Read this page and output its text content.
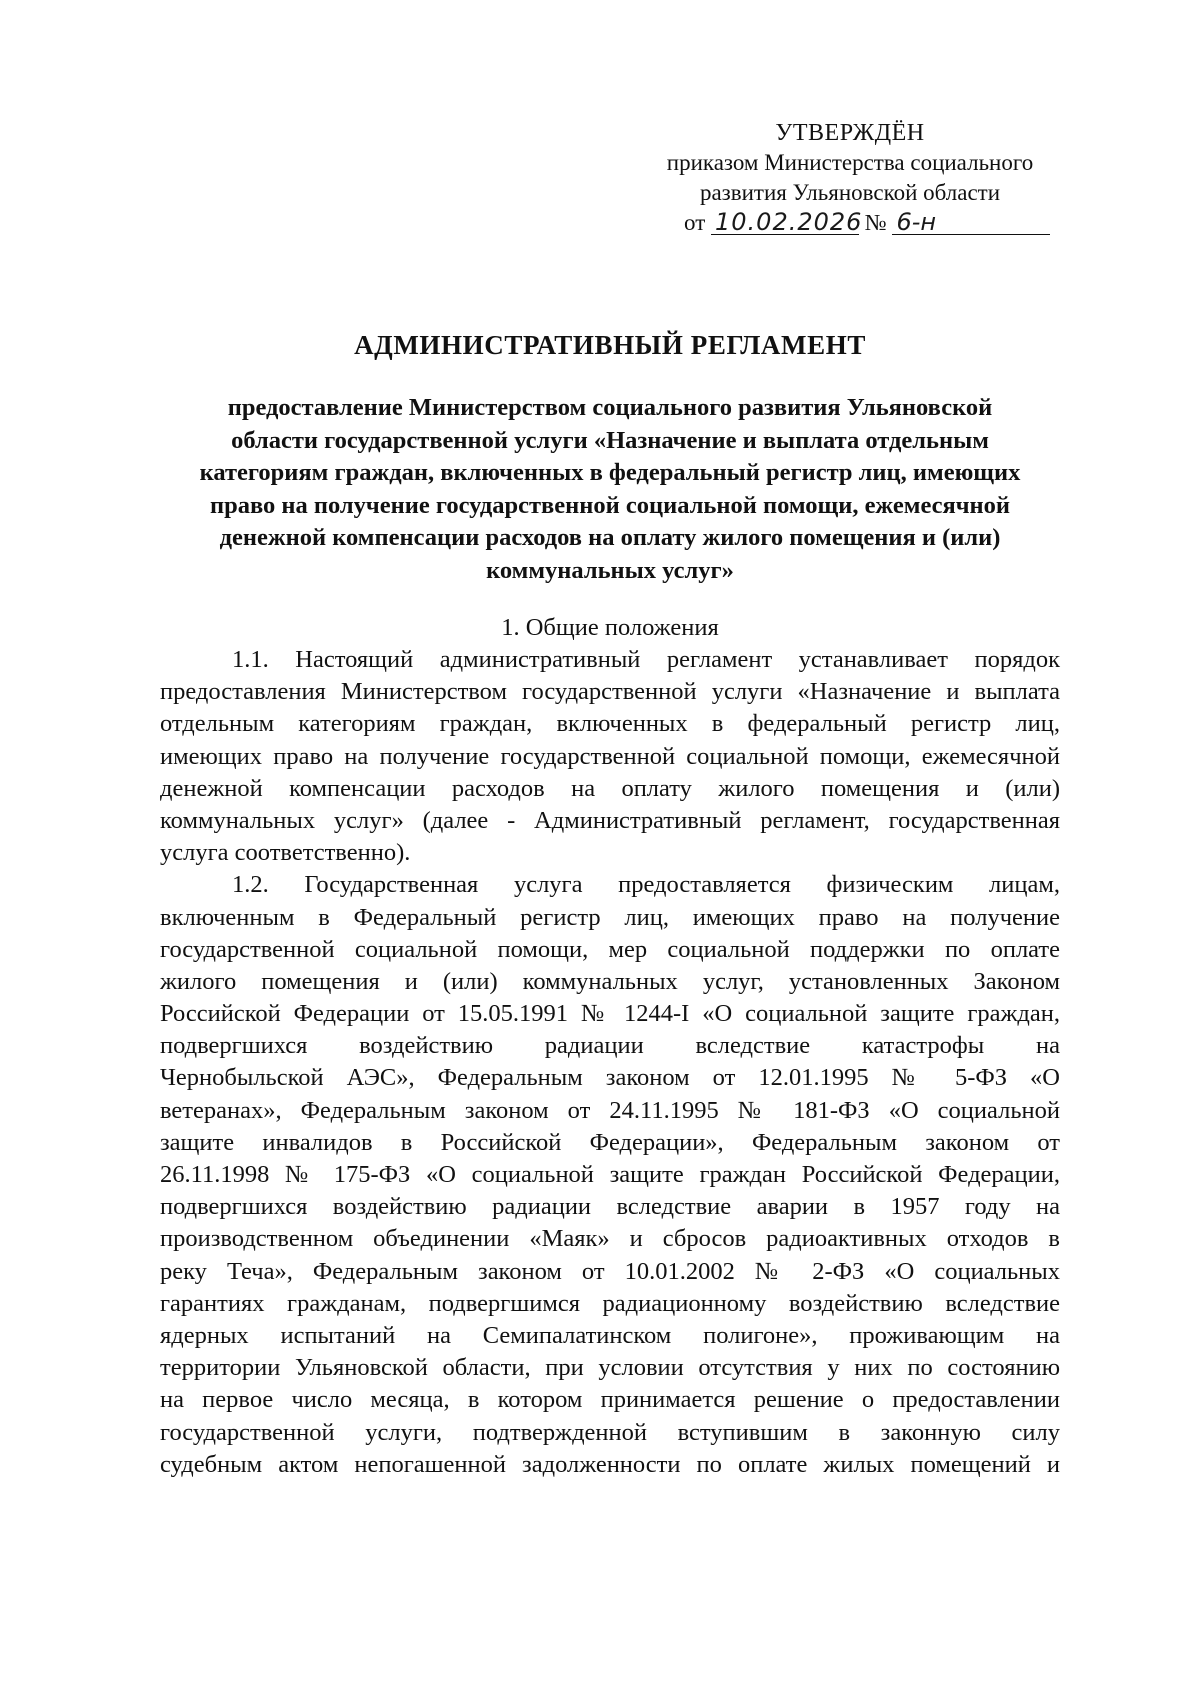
УТВЕРЖДЁН
приказом Министерства социального
развития Ульяновской области
от 10.02.2026 № 6-н
АДМИНИСТРАТИВНЫЙ РЕГЛАМЕНТ
предоставление Министерством социального развития Ульяновской
области государственной услуги «Назначение и выплата отдельным
категориям граждан, включенных в федеральный регистр лиц, имеющих
право на получение государственной социальной помощи, ежемесячной
денежной компенсации расходов на оплату жилого помещения и (или)
коммунальных услуг»
1. Общие положения
1.1. Настоящий административный регламент устанавливает порядок
предоставления Министерством государственной услуги «Назначение и выплата
отдельным категориям граждан, включенных в федеральный регистр лиц,
имеющих право на получение государственной социальной помощи, ежемесячной
денежной компенсации расходов на оплату жилого помещения и (или)
коммунальных услуг» (далее - Административный регламент, государственная
услуга соответственно).
1.2. Государственная услуга предоставляется физическим лицам,
включенным в Федеральный регистр лиц, имеющих право на получение
государственной социальной помощи, мер социальной поддержки по оплате
жилого помещения и (или) коммунальных услуг, установленных Законом
Российской Федерации от 15.05.1991 № 1244-I «О социальной защите граждан,
подвергшихся воздействию радиации вследствие катастрофы на
Чернобыльской АЭС», Федеральным законом от 12.01.1995 № 5-ФЗ «О
ветеранах», Федеральным законом от 24.11.1995 № 181-ФЗ «О социальной
защите инвалидов в Российской Федерации», Федеральным законом от
26.11.1998 № 175-ФЗ «О социальной защите граждан Российской Федерации,
подвергшихся воздействию радиации вследствие аварии в 1957 году на
производственном объединении «Маяк» и сбросов радиоактивных отходов в
реку Теча», Федеральным законом от 10.01.2002 № 2-ФЗ «О социальных
гарантиях гражданам, подвергшимся радиационному воздействию вследствие
ядерных испытаний на Семипалатинском полигоне», проживающим на
территории Ульяновской области, при условии отсутствия у них по состоянию
на первое число месяца, в котором принимается решение о предоставлении
государственной услуги, подтвержденной вступившим в законную силу
судебным актом непогашенной задолженности по оплате жилых помещений и
